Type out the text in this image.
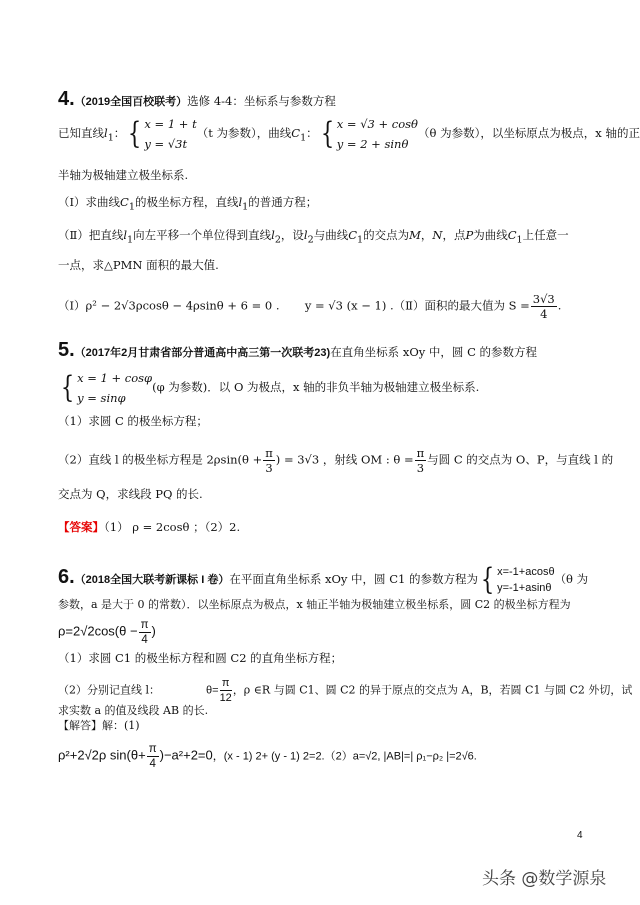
4.（2019全国百校联考）选修 4-4：坐标系与参数方程
已知直线$l_1$：{ x = 1 + t
y = √3t（t 为参数），曲线$C_1$：{ x = √3 + cosθ
y = 2 + sinθ（θ 为参数），以坐标原点为极点，x 轴的正
半轴为极轴建立极坐标系.
（Ⅰ）求曲线$C_1$的极坐标方程，直线$l_1$的普通方程；
（Ⅱ）把直线$l_1$向左平移一个单位得到直线$l_2$，设$l_2$与曲线$C_1$的交点为M，N，点P为曲线$C_1$上任意一
一点，求△PMN 面积的最大值.
（Ⅰ）ρ² − 2√3ρcosθ − 4ρsinθ + 6 = 0 . y = √3 (x − 1) .（Ⅱ）面积的最大值为 $S = \frac{3√3}{4}$ .
5.（2017年2月甘肃省部分普通高中高三第一次联考23)在直角坐标系 xOy 中，圆 C 的参数方程
{ x = 1 + cosφ
y = sinφ(φ 为参数)．以 O 为极点，x 轴的非负半轴为极轴建立极坐标系.
（1）求圆 C 的极坐标方程；
（2）直线 l 的极坐标方程是 $2\rho\sin(\theta + \frac{\pi}{3}$ ) = 3√3 ，射线 OM : $\theta = \frac{\pi}{3}$ 与圆 C 的交点为 O、P，与直线 l 的
交点为 Q，求线段 PQ 的长.
【答案】（1） ρ = 2cosθ ；（2）2.
6.（2018全国大联考新课标 I 卷）在平面直角坐标系 xOy 中，圆 C1 的参数方程为{ x=-1+acosθ
y=-1+asinθ（θ 为
参数，a 是大于 0 的常数）．以坐标原点为极点，x 轴正半轴为极轴建立极坐标系，圆 C2 的极坐标方程为
$\rho=2√2\cos(\theta - \frac{\pi}{4}$ )
（1）求圆 C1 的极坐标方程和圆 C2 的直角坐标方程；
（2）分别记直线 l：	$\theta= \frac{\pi}{12}$ ，ρ ∈R 与圆 C1、圆 C2 的异于原点的交点为 A，B，若圆 C1 与圆 C2 外切，试
求实数 a 的值及线段 AB 的长.
【解答】解：(1)
ρ²+2√2ρ $\sin(\theta+ \frac{\pi}{4} )-a^2+2=0$，(x - 1) 2+ (y - 1) 2=2.（2）a=√2, |AB|=| ρ₁−ρ₂ |=2√6.
4
头条 @数学源泉
